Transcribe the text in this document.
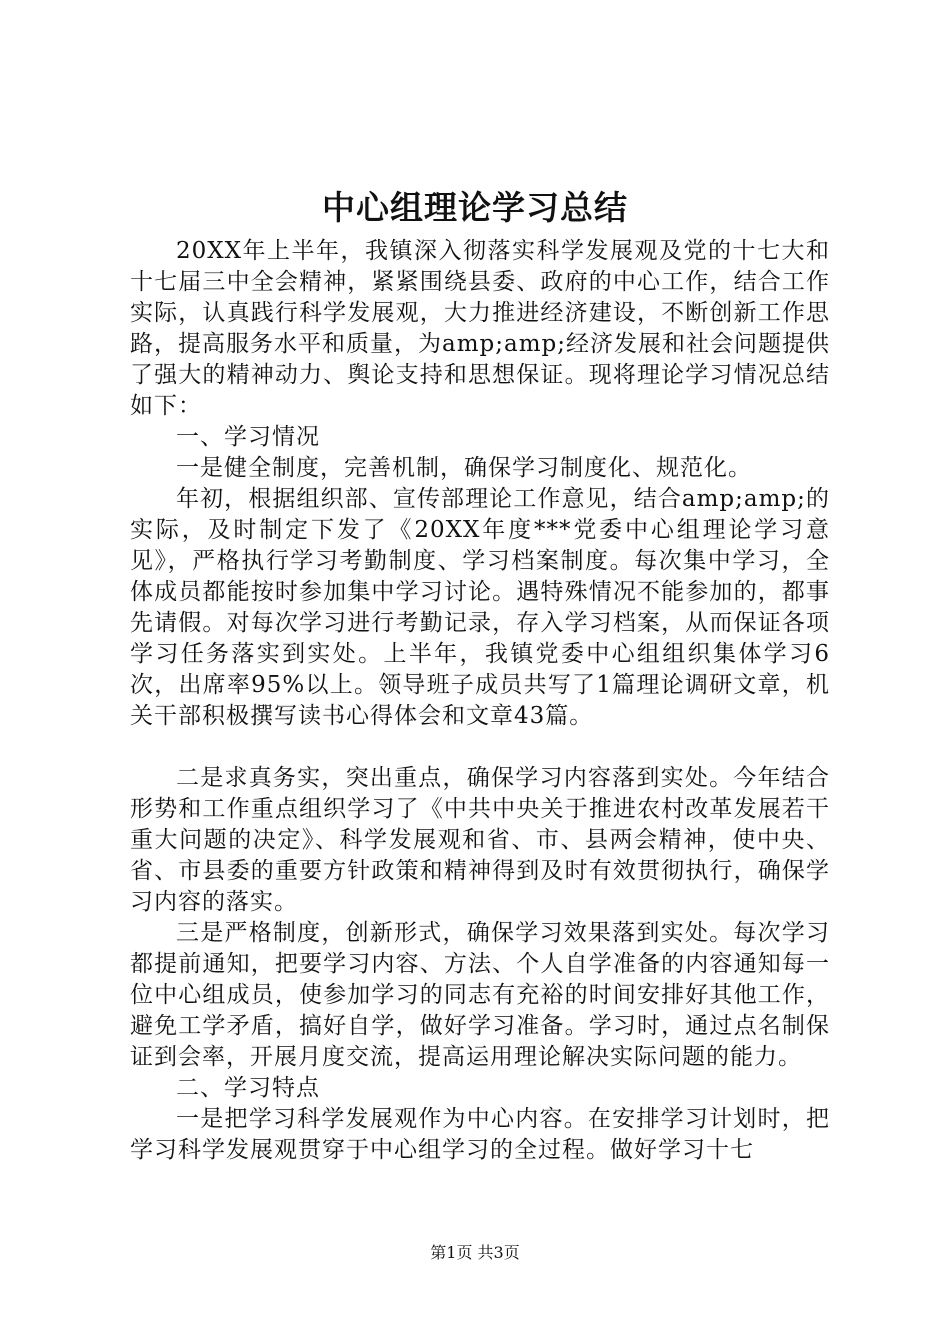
中心组理论学习总结

20XX年上半年，我镇深入彻落实科学发展观及党的十七大和十七届三中全会精神，紧紧围绕县委、政府的中心工作，结合工作实际，认真践行科学发展观，大力推进经济建设，不断创新工作思路，提高服务水平和质量，为amp;amp;经济发展和社会问题提供了强大的精神动力、舆论支持和思想保证。现将理论学习情况总结如下：

一、学习情况

一是健全制度，完善机制，确保学习制度化、规范化。

年初，根据组织部、宣传部理论工作意见，结合amp;amp;的实际，及时制定下发了《20XX年度***党委中心组理论学习意见》，严格执行学习考勤制度、学习档案制度。每次集中学习，全体成员都能按时参加集中学习讨论。遇特殊情况不能参加的，都事先请假。对每次学习进行考勤记录，存入学习档案，从而保证各项学习任务落实到实处。上半年，我镇党委中心组组织集体学习6次，出席率95%以上。领导班子成员共写了1篇理论调研文章，机关干部积极撰写读书心得体会和文章43篇。

二是求真务实，突出重点，确保学习内容落到实处。今年结合形势和工作重点组织学习了《中共中央关于推进农村改革发展若干重大问题的决定》、科学发展观和省、市、县两会精神，使中央、省、市县委的重要方针政策和精神得到及时有效贯彻执行，确保学习内容的落实。

三是严格制度，创新形式，确保学习效果落到实处。每次学习都提前通知，把要学习内容、方法、个人自学准备的内容通知每一位中心组成员，使参加学习的同志有充裕的时间安排好其他工作，避免工学矛盾，搞好自学，做好学习准备。学习时，通过点名制保证到会率，开展月度交流，提高运用理论解决实际问题的能力。

二、学习特点

一是把学习科学发展观作为中心内容。在安排学习计划时，把学习科学发展观贯穿于中心组学习的全过程。做好学习十七

第1页 共3页
